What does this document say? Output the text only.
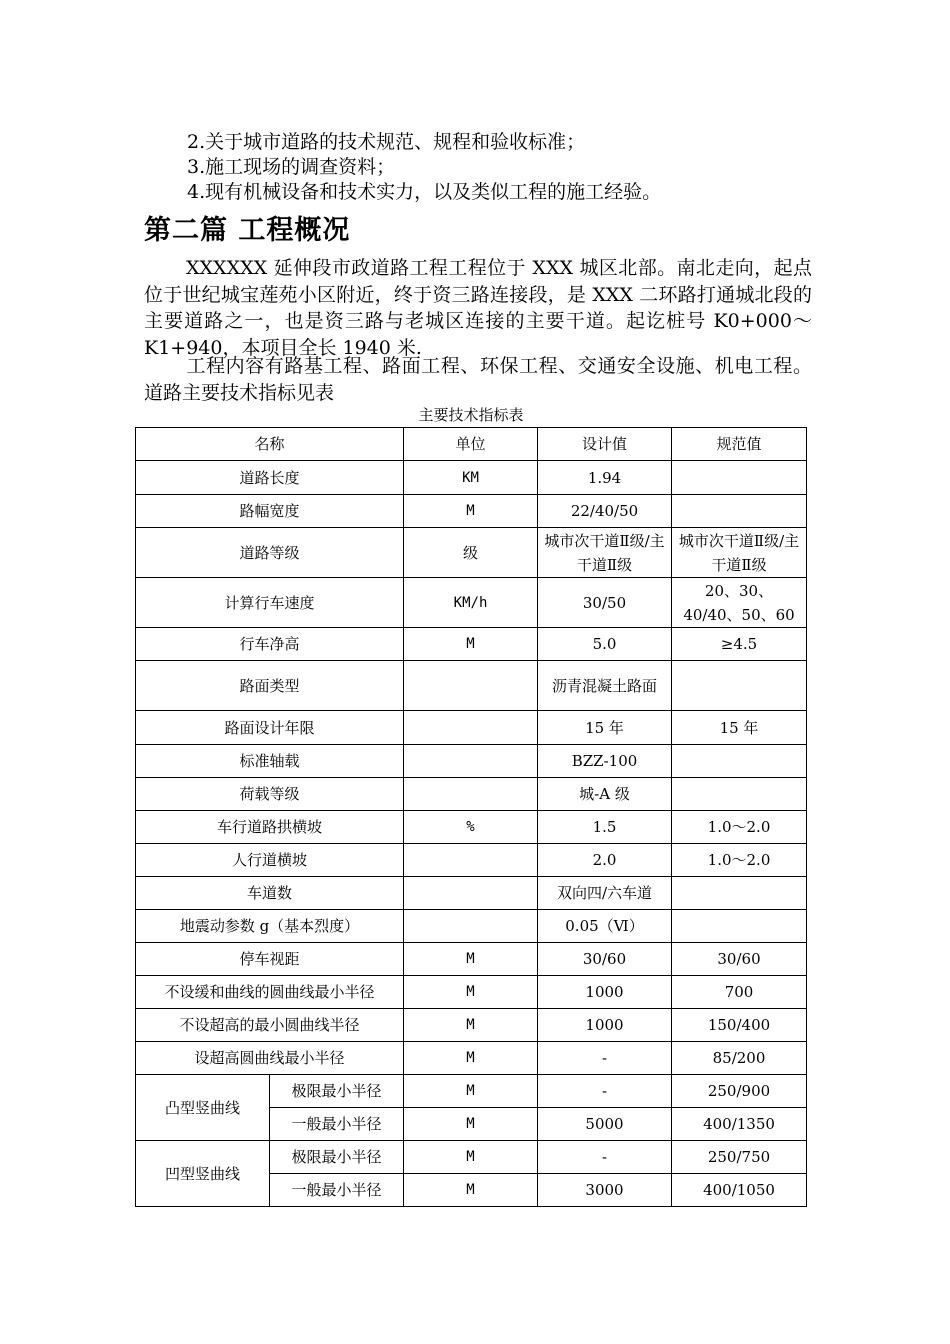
2.关于城市道路的技术规范、规程和验收标准；
3.施工现场的调查资料；
4.现有机械设备和技术实力，以及类似工程的施工经验。
第二篇 工程概况
XXXXXX 延伸段市政道路工程工程位于 XXX 城区北部。南北走向，起点位于世纪城宝莲苑小区附近，终于资三路连接段，是 XXX 二环路打通城北段的主要道路之一，也是资三路与老城区连接的主要干道。起讫桩号 K0+000～K1+940，本项目全长 1940 米.
工程内容有路基工程、路面工程、环保工程、交通安全设施、机电工程。 道路主要技术指标见表
主要技术指标表
名称		单位	设计值	规范值
道路长度		KM	1.94	
路幅宽度		M	22/40/50	
道路等级		级	城市次干道Ⅱ级/主干道Ⅱ级	城市次干道Ⅱ级/主干道Ⅱ级
计算行车速度		KM/h	30/50	20、30、40/40、50、60
行车净高		M	5.0	≥4.5
路面类型			沥青混凝土路面	
路面设计年限			15 年	15 年
标准轴载			BZZ-100	
荷载等级			城-A 级	
车行道路拱横坡		%	1.5	1.0～2.0
人行道横坡			2.0	1.0～2.0
车道数			双向四/六车道	
地震动参数 g（基本烈度）			0.05（Ⅵ）	
停车视距		M	30/60	30/60
不设缓和曲线的圆曲线最小半径		M	1000	700
不设超高的最小圆曲线半径		M	1000	150/400
设超高圆曲线最小半径		M	-	85/200
凸型竖曲线	极限最小半径	M	-	250/900
	一般最小半径	M	5000	400/1350
凹型竖曲线	极限最小半径	M	-	250/750
	一般最小半径	M	3000	400/1050
